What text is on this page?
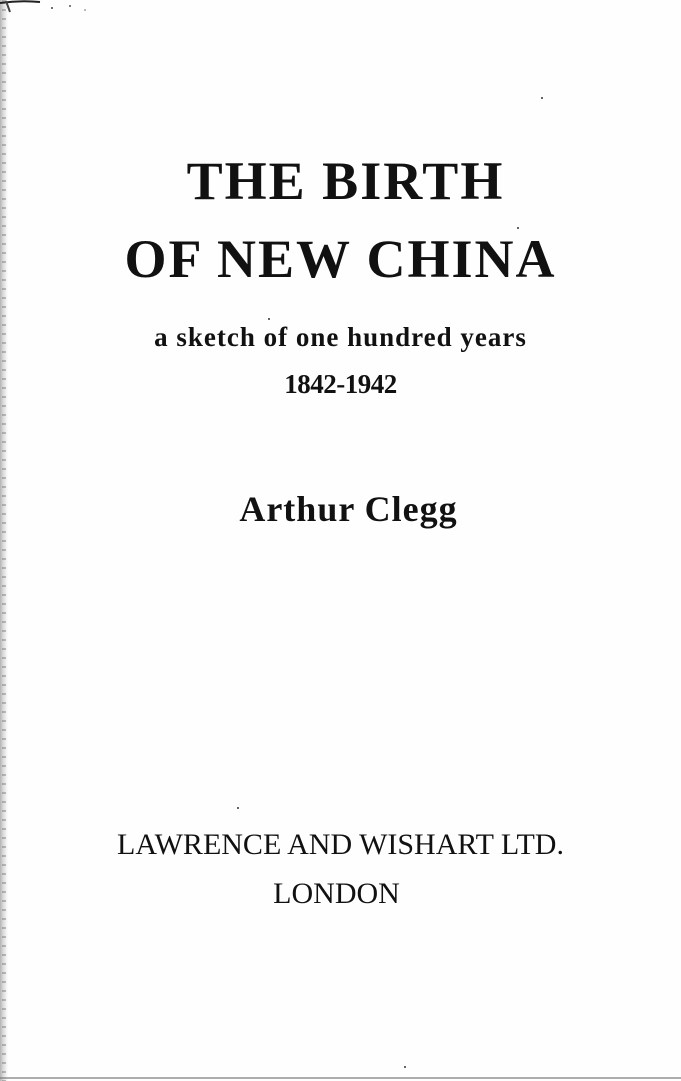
THE BIRTH
OF NEW CHINA
a sketch of one hundred years
1842-1942
Arthur Clegg
LAWRENCE AND WISHART LTD.
LONDON
